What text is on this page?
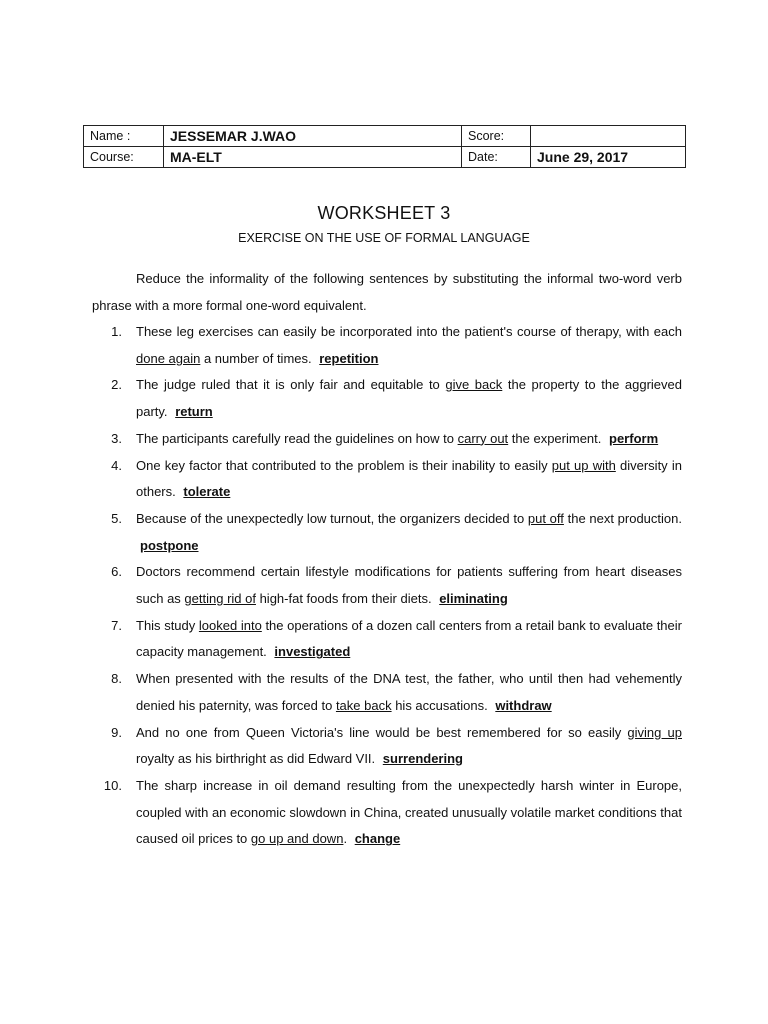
Name :	JESSEMAR J.WAO	Score:	
Course:	MA-ELT	Date:	June 29, 2017
WORKSHEET 3
EXERCISE ON THE USE OF FORMAL LANGUAGE

Reduce the informality of the following sentences by substituting the informal two-word verb phrase with a more formal one-word equivalent.

1. These leg exercises can easily be incorporated into the patient's course of therapy, with each done again a number of times. repetition
2. The judge ruled that it is only fair and equitable to give back the property to the aggrieved party. return
3. The participants carefully read the guidelines on how to carry out the experiment. perform
4. One key factor that contributed to the problem is their inability to easily put up with diversity in others. tolerate
5. Because of the unexpectedly low turnout, the organizers decided to put off the next production. postpone
6. Doctors recommend certain lifestyle modifications for patients suffering from heart diseases such as getting rid of high-fat foods from their diets. eliminating
7. This study looked into the operations of a dozen call centers from a retail bank to evaluate their capacity management. investigated
8. When presented with the results of the DNA test, the father, who until then had vehemently denied his paternity, was forced to take back his accusations. withdraw
9. And no one from Queen Victoria's line would be best remembered for so easily giving up royalty as his birthright as did Edward VII. surrendering
10. The sharp increase in oil demand resulting from the unexpectedly harsh winter in Europe, coupled with an economic slowdown in China, created unusually volatile market conditions that caused oil prices to go up and down. change
